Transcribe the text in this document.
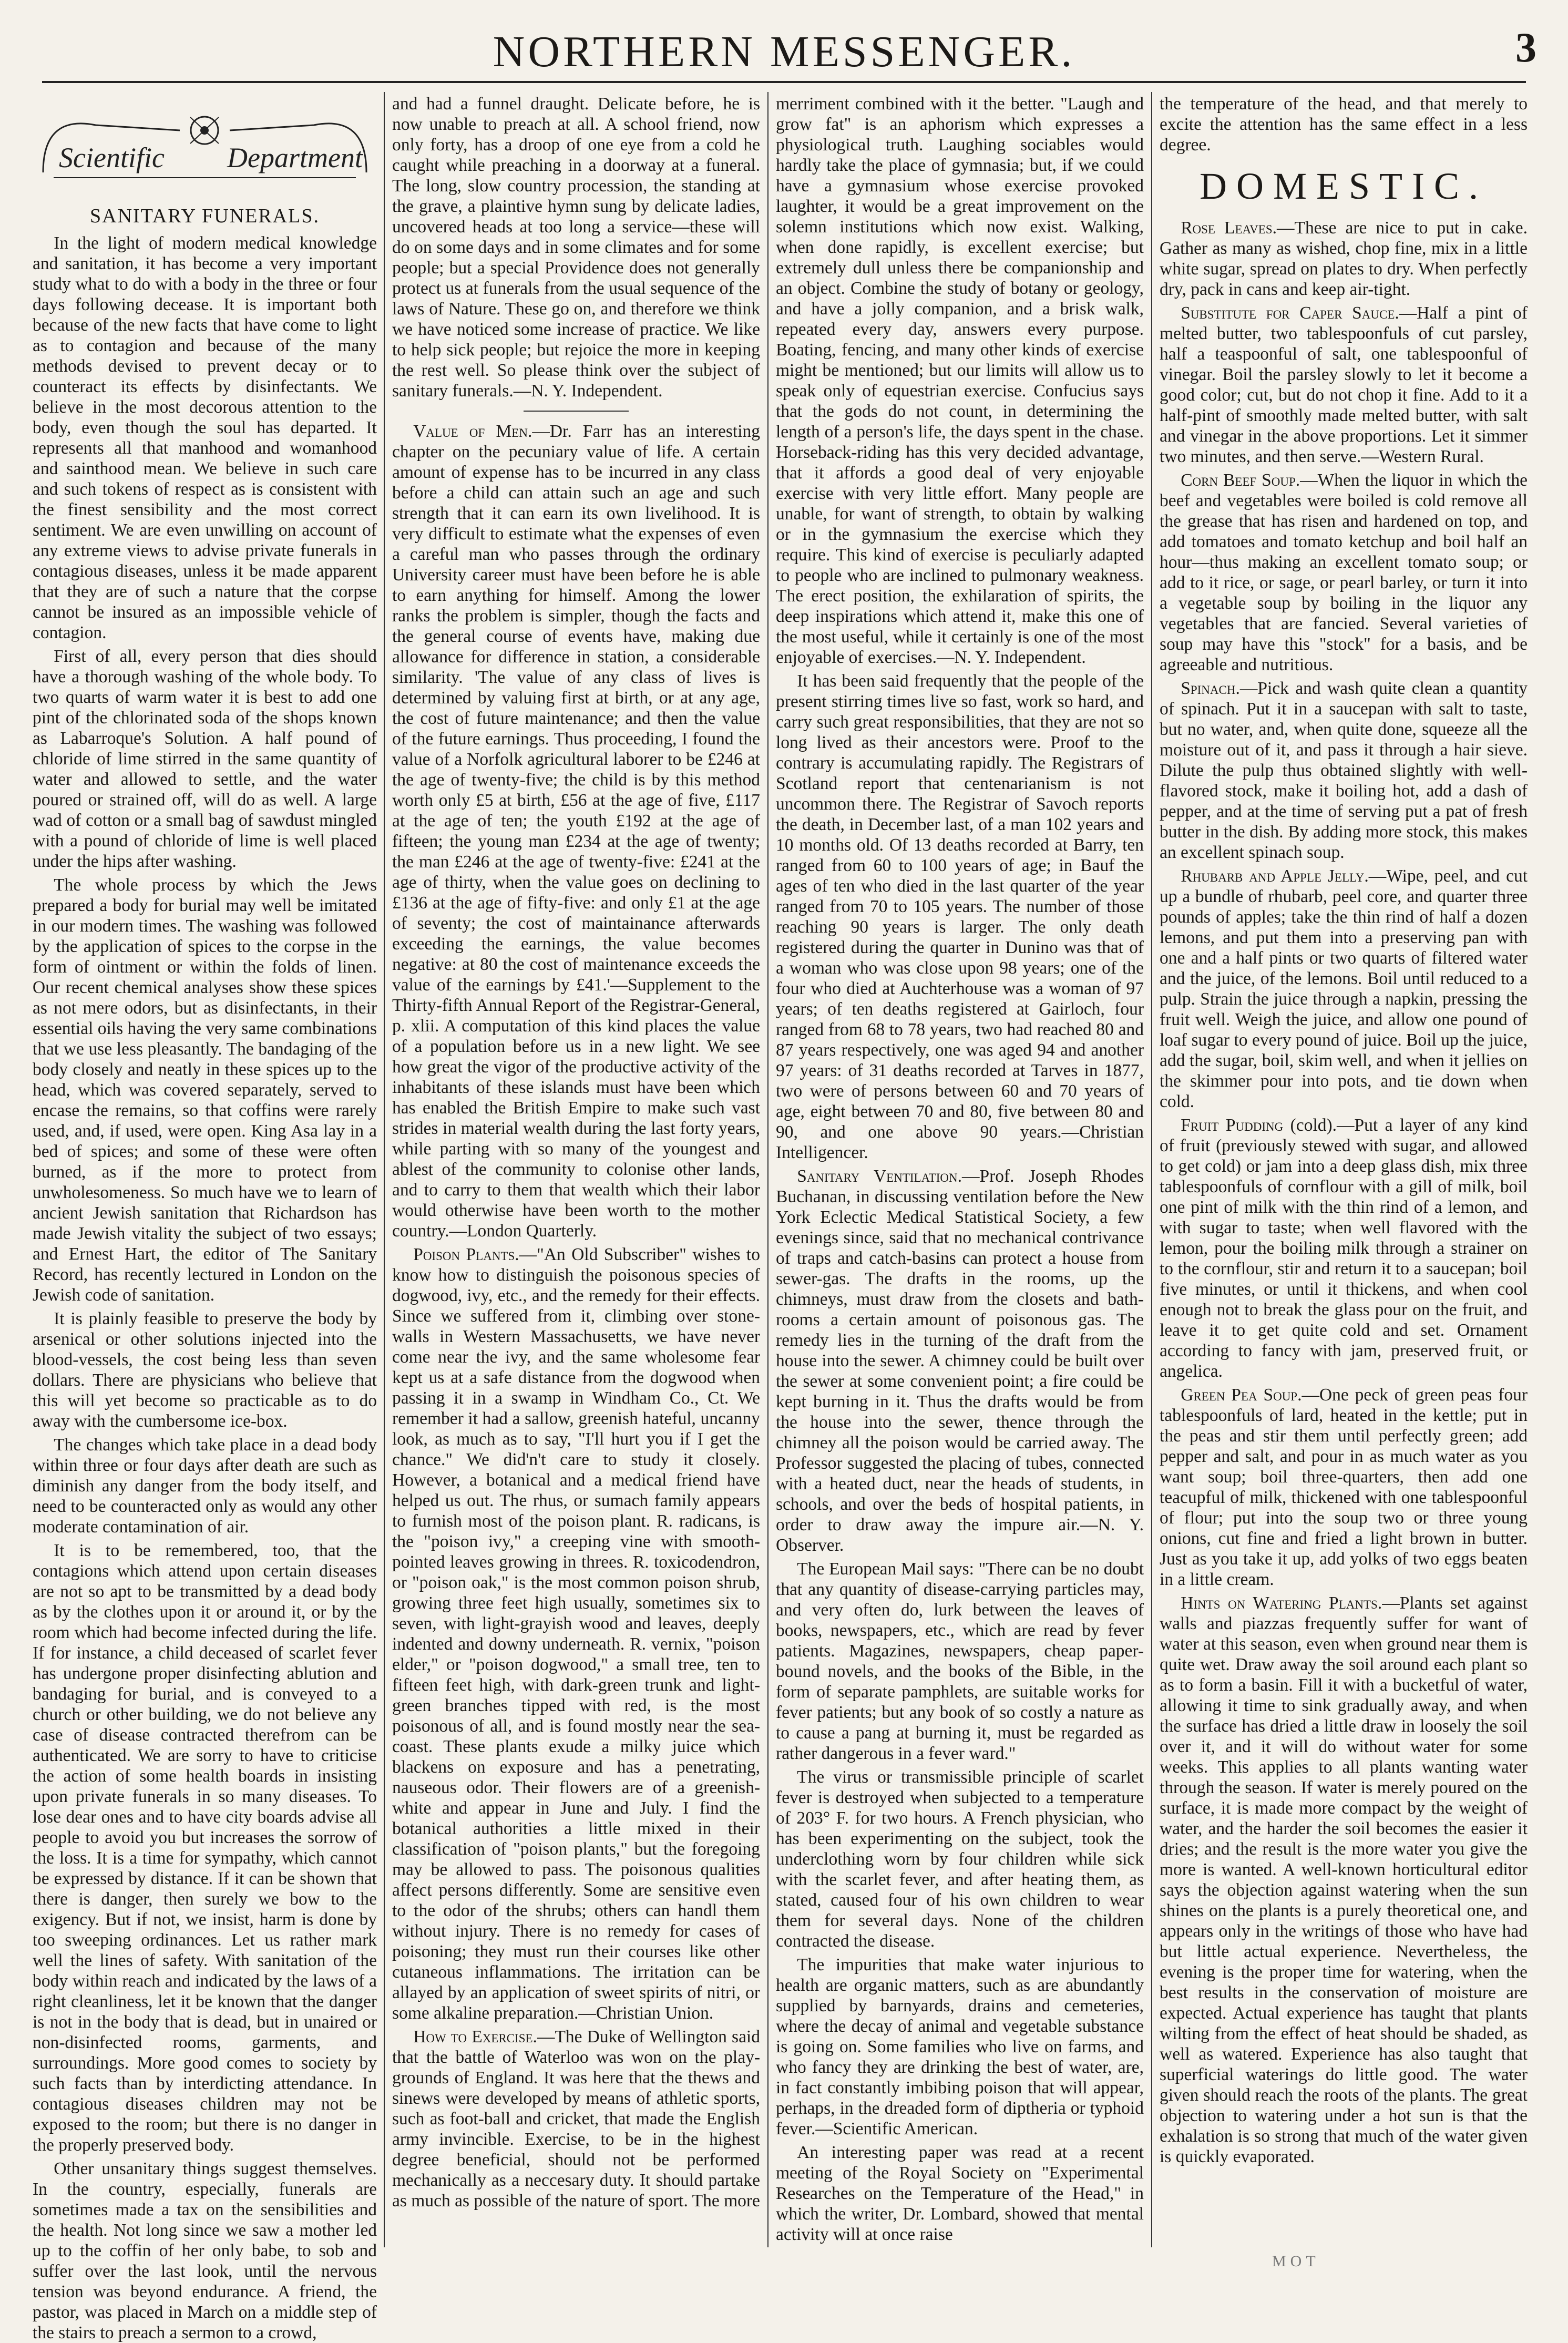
NORTHERN MESSENGER.	3
Scientific Department
SANITARY FUNERALS.

In the light of modern medical knowledge and sanitation, it has become a very important study what to do with a body in the three or four days following decease. It is important both because of the new facts that have come to light as to contagion and because of the many methods devised to prevent decay or to counteract its effects by disinfectants. We believe in the most decorous attention to the body, even though the soul has departed. It represents all that manhood and womanhood and sainthood mean. We believe in such care and such tokens of respect as is consistent with the finest sensibility and the most correct sentiment. We are even unwilling on account of any extreme views to advise private funerals in contagious diseases, unless it be made apparent that they are of such a nature that the corpse cannot be insured as an impossible vehicle of contagion.

First of all, every person that dies should have a thorough washing of the whole body. To two quarts of warm water it is best to add one pint of the chlorinated soda of the shops known as Labarroque's Solution. A half pound of chloride of lime stirred in the same quantity of water and allowed to settle, and the water poured or strained off, will do as well. A large wad of cotton or a small bag of sawdust mingled with a pound of chloride of lime is well placed under the hips after washing.

The whole process by which the Jews prepared a body for burial may well be imitated in our modern times. The washing was followed by the application of spices to the corpse in the form of ointment or within the folds of linen. Our recent chemical analyses show these spices as not mere odors, but as disinfectants, in their essential oils having the very same combinations that we use less pleasantly. The bandaging of the body closely and neatly in these spices up to the head, which was covered separately, served to encase the remains, so that coffins were rarely used, and, if used, were open. King Asa lay in a bed of spices; and some of these were often burned, as if the more to protect from unwholesomeness. So much have we to learn of ancient Jewish sanitation that Richardson has made Jewish vitality the subject of two essays; and Ernest Hart, the editor of The Sanitary Record, has recently lectured in London on the Jewish code of sanitation.

It is plainly feasible to preserve the body by arsenical or other solutions injected into the blood-vessels, the cost being less than seven dollars. There are physicians who believe that this will yet become so practicable as to do away with the cumbersome ice-box.

The changes which take place in a dead body within three or four days after death are such as diminish any danger from the body itself, and need to be counteracted only as would any other moderate contamination of air.

It is to be remembered, too, that the contagions which attend upon certain diseases are not so apt to be transmitted by a dead body as by the clothes upon it or around it, or by the room which had become infected during the life. If for instance, a child deceased of scarlet fever has undergone proper disinfecting ablution and bandaging for burial, and is conveyed to a church or other building, we do not believe any case of disease contracted therefrom can be authenticated. We are sorry to have to criticise the action of some health boards in insisting upon private funerals in so many diseases. To lose dear ones and to have city boards advise all people to avoid you but increases the sorrow of the loss. It is a time for sympathy, which cannot be expressed by distance. If it can be shown that there is danger, then surely we bow to the exigency. But if not, we insist, harm is done by too sweeping ordinances. Let us rather mark well the lines of safety. With sanitation of the body within reach and indicated by the laws of a right cleanliness, let it be known that the danger is not in the body that is dead, but in unaired or non-disinfected rooms, garments, and surroundings. More good comes to society by such facts than by interdicting attendance. In contagious diseases children may not be exposed to the room; but there is no danger in the properly preserved body.

Other unsanitary things suggest themselves. In the country, especially, funerals are sometimes made a tax on the sensibilities and the health. Not long since we saw a mother led up to the coffin of her only babe, to sob and suffer over the last look, until the nervous tension was beyond endurance. A friend, the pastor, was placed in March on a middle step of the stairs to preach a sermon to a crowd,

and had a funnel draught. Delicate before, he is now unable to preach at all. A school friend, now only forty, has a droop of one eye from a cold he caught while preaching in a doorway at a funeral. The long, slow country procession, the standing at the grave, a plaintive hymn sung by delicate ladies, uncovered heads at too long a service—these will do on some days and in some climates and for some people; but a special Providence does not generally protect us at funerals from the usual sequence of the laws of Nature. These go on, and therefore we think we have noticed some increase of practice. We like to help sick people; but rejoice the more in keeping the rest well. So please think over the subject of sanitary funerals.—N. Y. Independent.

Value of Men.—Dr. Farr has an interesting chapter on the pecuniary value of life. A certain amount of expense has to be incurred in any class before a child can attain such an age and such strength that it can earn its own livelihood. It is very difficult to estimate what the expenses of even a careful man who passes through the ordinary University career must have been before he is able to earn anything for himself. Among the lower ranks the problem is simpler, though the facts and the general course of events have, making due allowance for difference in station, a considerable similarity. 'The value of any class of lives is determined by valuing first at birth, or at any age, the cost of future maintenance; and then the value of the future earnings. Thus proceeding, I found the value of a Norfolk agricultural laborer to be £246 at the age of twenty-five; the child is by this method worth only £5 at birth, £56 at the age of five, £117 at the age of ten; the youth £192 at the age of fifteen; the young man £234 at the age of twenty; the man £246 at the age of twenty-five: £241 at the age of thirty, when the value goes on declining to £136 at the age of fifty-five: and only £1 at the age of seventy; the cost of maintainance afterwards exceeding the earnings, the value becomes negative: at 80 the cost of maintenance exceeds the value of the earnings by £41.'—Supplement to the Thirty-fifth Annual Report of the Registrar-General, p. xlii. A computation of this kind places the value of a population before us in a new light. We see how great the vigor of the productive activity of the inhabitants of these islands must have been which has enabled the British Empire to make such vast strides in material wealth during the last forty years, while parting with so many of the youngest and ablest of the community to colonise other lands, and to carry to them that wealth which their labor would otherwise have been worth to the mother country.—London Quarterly.

Poison Plants.—"An Old Subscriber" wishes to know how to distinguish the poisonous species of dogwood, ivy, etc., and the remedy for their effects. Since we suffered from it, climbing over stone-walls in Western Massachusetts, we have never come near the ivy, and the same wholesome fear kept us at a safe distance from the dogwood when passing it in a swamp in Windham Co., Ct. We remember it had a sallow, greenish hateful, uncanny look, as much as to say, "I'll hurt you if I get the chance." We did'n't care to study it closely. However, a botanical and a medical friend have helped us out. The rhus, or sumach family appears to furnish most of the poison plant. R. radicans, is the "poison ivy," a creeping vine with smooth-pointed leaves growing in threes. R. toxicodendron, or "poison oak," is the most common poison shrub, growing three feet high usually, sometimes six to seven, with light-grayish wood and leaves, deeply indented and downy underneath. R. vernix, "poison elder," or "poison dogwood," a small tree, ten to fifteen feet high, with dark-green trunk and light-green branches tipped with red, is the most poisonous of all, and is found mostly near the sea-coast. These plants exude a milky juice which blackens on exposure and has a penetrating, nauseous odor. Their flowers are of a greenish-white and appear in June and July. I find the botanical authorities a little mixed in their classification of "poison plants," but the foregoing may be allowed to pass. The poisonous qualities affect persons differently. Some are sensitive even to the odor of the shrubs; others can handl them without injury. There is no remedy for cases of poisoning; they must run their courses like other cutaneous inflammations. The irritation can be allayed by an application of sweet spirits of nitri, or some alkaline preparation.—Christian Union.

How to Exercise.—The Duke of Wellington said that the battle of Waterloo was won on the play-grounds of England. It was here that the thews and sinews were developed by means of athletic sports, such as foot-ball and cricket, that made the English army invincible. Exercise, to be in the highest degree beneficial, should not be performed mechanically as a neccesary duty. It should partake as much as possible of the nature of sport. The more

merriment combined with it the better. "Laugh and grow fat" is an aphorism which expresses a physiological truth. Laughing sociables would hardly take the place of gymnasia; but, if we could have a gymnasium whose exercise provoked laughter, it would be a great improvement on the solemn institutions which now exist. Walking, when done rapidly, is excellent exercise; but extremely dull unless there be companionship and an object. Combine the study of botany or geology, and have a jolly companion, and a brisk walk, repeated every day, answers every purpose. Boating, fencing, and many other kinds of exercise might be mentioned; but our limits will allow us to speak only of equestrian exercise. Confucius says that the gods do not count, in determining the length of a person's life, the days spent in the chase. Horseback-riding has this very decided advantage, that it affords a good deal of very enjoyable exercise with very little effort. Many people are unable, for want of strength, to obtain by walking or in the gymnasium the exercise which they require. This kind of exercise is peculiarly adapted to people who are inclined to pulmonary weakness. The erect position, the exhilaration of spirits, the deep inspirations which attend it, make this one of the most useful, while it certainly is one of the most enjoyable of exercises.—N. Y. Independent.

It has been said frequently that the people of the present stirring times live so fast, work so hard, and carry such great responsibilities, that they are not so long lived as their ancestors were. Proof to the contrary is accumulating rapidly. The Registrars of Scotland report that centenarianism is not uncommon there. The Registrar of Savoch reports the death, in December last, of a man 102 years and 10 months old. Of 13 deaths recorded at Barry, ten ranged from 60 to 100 years of age; in Bauf the ages of ten who died in the last quarter of the year ranged from 70 to 105 years. The number of those reaching 90 years is larger. The only death registered during the quarter in Dunino was that of a woman who was close upon 98 years; one of the four who died at Auchterhouse was a woman of 97 years; of ten deaths registered at Gairloch, four ranged from 68 to 78 years, two had reached 80 and 87 years respectively, one was aged 94 and another 97 years: of 31 deaths recorded at Tarves in 1877, two were of persons between 60 and 70 years of age, eight between 70 and 80, five between 80 and 90, and one above 90 years.—Christian Intelligencer.

Sanitary Ventilation.—Prof. Joseph Rhodes Buchanan, in discussing ventilation before the New York Eclectic Medical Statistical Society, a few evenings since, said that no mechanical contrivance of traps and catch-basins can protect a house from sewer-gas. The drafts in the rooms, up the chimneys, must draw from the closets and bath-rooms a certain amount of poisonous gas. The remedy lies in the turning of the draft from the house into the sewer. A chimney could be built over the sewer at some convenient point; a fire could be kept burning in it. Thus the drafts would be from the house into the sewer, thence through the chimney all the poison would be carried away. The Professor suggested the placing of tubes, connected with a heated duct, near the heads of students, in schools, and over the beds of hospital patients, in order to draw away the impure air.—N. Y. Observer.

The European Mail says: "There can be no doubt that any quantity of disease-carrying particles may, and very often do, lurk between the leaves of books, newspapers, etc., which are read by fever patients. Magazines, newspapers, cheap paper-bound novels, and the books of the Bible, in the form of separate pamphlets, are suitable works for fever patients; but any book of so costly a nature as to cause a pang at burning it, must be regarded as rather dangerous in a fever ward."

The virus or transmissible principle of scarlet fever is destroyed when subjected to a temperature of 203° F. for two hours. A French physician, who has been experimenting on the subject, took the underclothing worn by four children while sick with the scarlet fever, and after heating them, as stated, caused four of his own children to wear them for several days. None of the children contracted the disease.

The impurities that make water injurious to health are organic matters, such as are abundantly supplied by barnyards, drains and cemeteries, where the decay of animal and vegetable substance is going on. Some families who live on farms, and who fancy they are drinking the best of water, are, in fact constantly imbibing poison that will appear, perhaps, in the dreaded form of diptheria or typhoid fever.—Scientific American.

An interesting paper was read at a recent meeting of the Royal Society on "Experimental Researches on the Temperature of the Head," in which the writer, Dr. Lombard, showed that mental activity will at once raise

the temperature of the head, and that merely to excite the attention has the same effect in a less degree.

DOMESTIC.

Rose Leaves.—These are nice to put in cake. Gather as many as wished, chop fine, mix in a little white sugar, spread on plates to dry. When perfectly dry, pack in cans and keep air-tight.

Substitute for Caper Sauce.—Half a pint of melted butter, two tablespoonfuls of cut parsley, half a teaspoonful of salt, one tablespoonful of vinegar. Boil the parsley slowly to let it become a good color; cut, but do not chop it fine. Add to it a half-pint of smoothly made melted butter, with salt and vinegar in the above proportions. Let it simmer two minutes, and then serve.—Western Rural.

Corn Beef Soup.—When the liquor in which the beef and vegetables were boiled is cold remove all the grease that has risen and hardened on top, and add tomatoes and tomato ketchup and boil half an hour—thus making an excellent tomato soup; or add to it rice, or sage, or pearl barley, or turn it into a vegetable soup by boiling in the liquor any vegetables that are fancied. Several varieties of soup may have this "stock" for a basis, and be agreeable and nutritious.

Spinach.—Pick and wash quite clean a quantity of spinach. Put it in a saucepan with salt to taste, but no water, and, when quite done, squeeze all the moisture out of it, and pass it through a hair sieve. Dilute the pulp thus obtained slightly with well-flavored stock, make it boiling hot, add a dash of pepper, and at the time of serving put a pat of fresh butter in the dish. By adding more stock, this makes an excellent spinach soup.

Rhubarb and Apple Jelly.—Wipe, peel, and cut up a bundle of rhubarb, peel core, and quarter three pounds of apples; take the thin rind of half a dozen lemons, and put them into a preserving pan with one and a half pints or two quarts of filtered water and the juice, of the lemons. Boil until reduced to a pulp. Strain the juice through a napkin, pressing the fruit well. Weigh the juice, and allow one pound of loaf sugar to every pound of juice. Boil up the juice, add the sugar, boil, skim well, and when it jellies on the skimmer pour into pots, and tie down when cold.

Fruit Pudding (cold).—Put a layer of any kind of fruit (previously stewed with sugar, and allowed to get cold) or jam into a deep glass dish, mix three tablespoonfuls of cornflour with a gill of milk, boil one pint of milk with the thin rind of a lemon, and with sugar to taste; when well flavored with the lemon, pour the boiling milk through a strainer on to the cornflour, stir and return it to a saucepan; boil five minutes, or until it thickens, and when cool enough not to break the glass pour on the fruit, and leave it to get quite cold and set. Ornament according to fancy with jam, preserved fruit, or angelica.

Green Pea Soup.—One peck of green peas four tablespoonfuls of lard, heated in the kettle; put in the peas and stir them until perfectly green; add pepper and salt, and pour in as much water as you want soup; boil three-quarters, then add one teacupful of milk, thickened with one tablespoonful of flour; put into the soup two or three young onions, cut fine and fried a light brown in butter. Just as you take it up, add yolks of two eggs beaten in a little cream.

Hints on Watering Plants.—Plants set against walls and piazzas frequently suffer for want of water at this season, even when ground near them is quite wet. Draw away the soil around each plant so as to form a basin. Fill it with a bucketful of water, allowing it time to sink gradually away, and when the surface has dried a little draw in loosely the soil over it, and it will do without water for some weeks. This applies to all plants wanting water through the season. If water is merely poured on the surface, it is made more compact by the weight of water, and the harder the soil becomes the easier it dries; and the result is the more water you give the more is wanted. A well-known horticultural editor says the objection against watering when the sun shines on the plants is a purely theoretical one, and appears only in the writings of those who have had but little actual experience. Nevertheless, the evening is the proper time for watering, when the best results in the conservation of moisture are expected. Actual experience has taught that plants wilting from the effect of heat should be shaded, as well as watered. Experience has also taught that superficial waterings do little good. The water given should reach the roots of the plants. The great objection to watering under a hot sun is that the exhalation is so strong that much of the water given is quickly evaporated.

MOT
